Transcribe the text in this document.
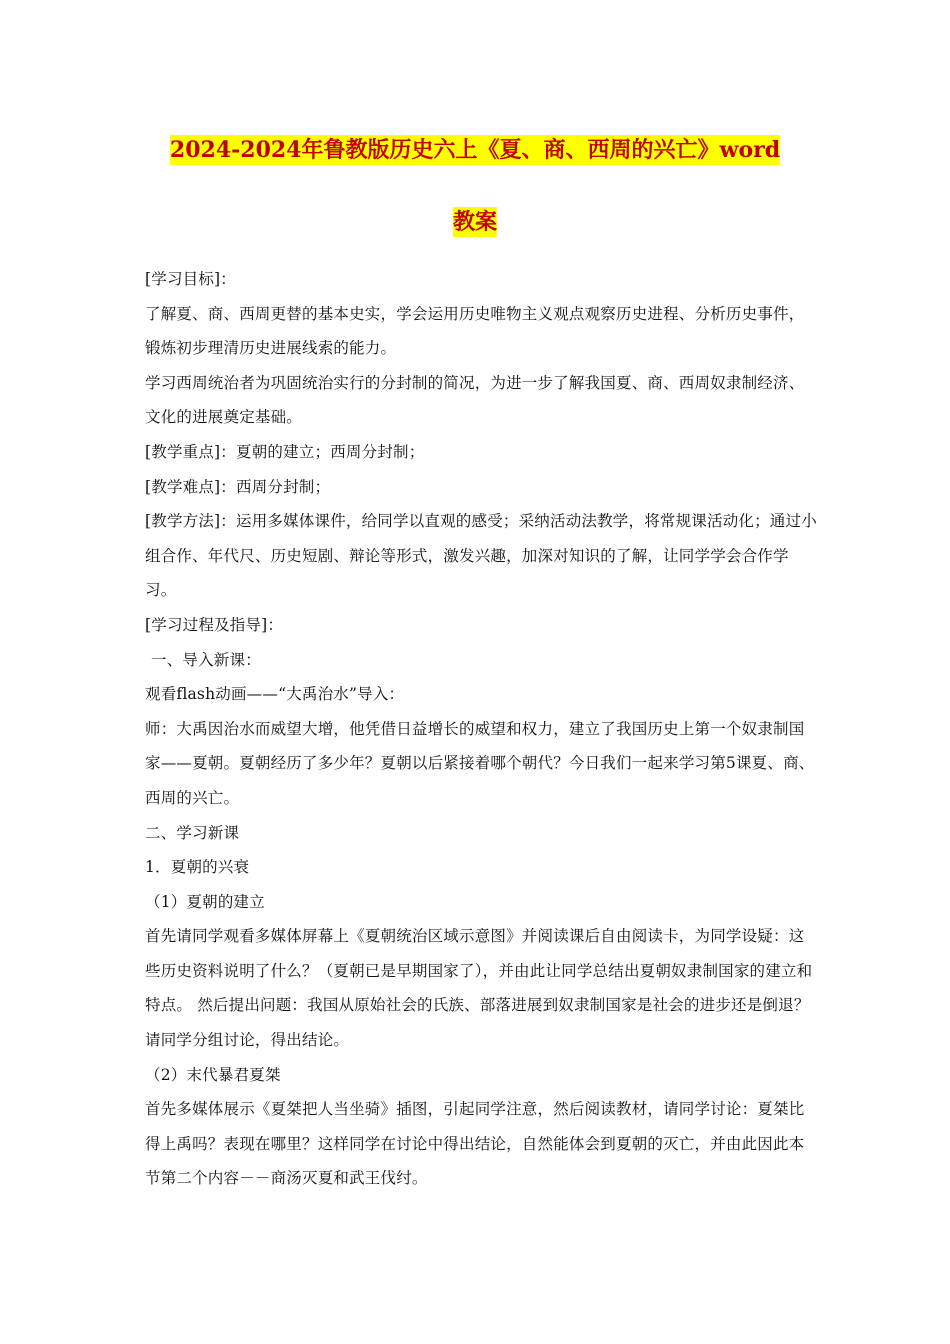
2024-2024年鲁教版历史六上《夏、商、西周的兴亡》word
教案

[学习目标]：

了解夏、商、西周更替的基本史实，学会运用历史唯物主义观点观察历史进程、分析历史事件，锻炼初步理清历史进展线索的能力。

学习西周统治者为巩固统治实行的分封制的简况，为进一步了解我国夏、商、西周奴隶制经济、文化的进展奠定基础。

[教学重点]：夏朝的建立；西周分封制；

[教学难点]：西周分封制；

[教学方法]：运用多媒体课件，给同学以直观的感受；采纳活动法教学，将常规课活动化；通过小组合作、年代尺、历史短剧、辩论等形式，激发兴趣，加深对知识的了解，让同学学会合作学习。

[学习过程及指导]：

一、导入新课：

观看flash动画——“大禹治水”导入：

师：大禹因治水而威望大增，他凭借日益增长的威望和权力，建立了我国历史上第一个奴隶制国家——夏朝。夏朝经历了多少年？夏朝以后紧接着哪个朝代？今日我们一起来学习第5课夏、商、西周的兴亡。

二、学习新课

1．夏朝的兴衰

（1）夏朝的建立

首先请同学观看多媒体屏幕上《夏朝统治区域示意图》并阅读课后自由阅读卡，为同学设疑：这些历史资料说明了什么？（夏朝已是早期国家了），并由此让同学总结出夏朝奴隶制国家的建立和特点。 然后提出问题：我国从原始社会的氏族、部落进展到奴隶制国家是社会的进步还是倒退？请同学分组讨论，得出结论。

（2）末代暴君夏桀

首先多媒体展示《夏桀把人当坐骑》插图，引起同学注意，然后阅读教材，请同学讨论：夏桀比得上禹吗？表现在哪里？这样同学在讨论中得出结论，自然能体会到夏朝的灭亡，并由此因此本节第二个内容－－商汤灭夏和武王伐纣。
